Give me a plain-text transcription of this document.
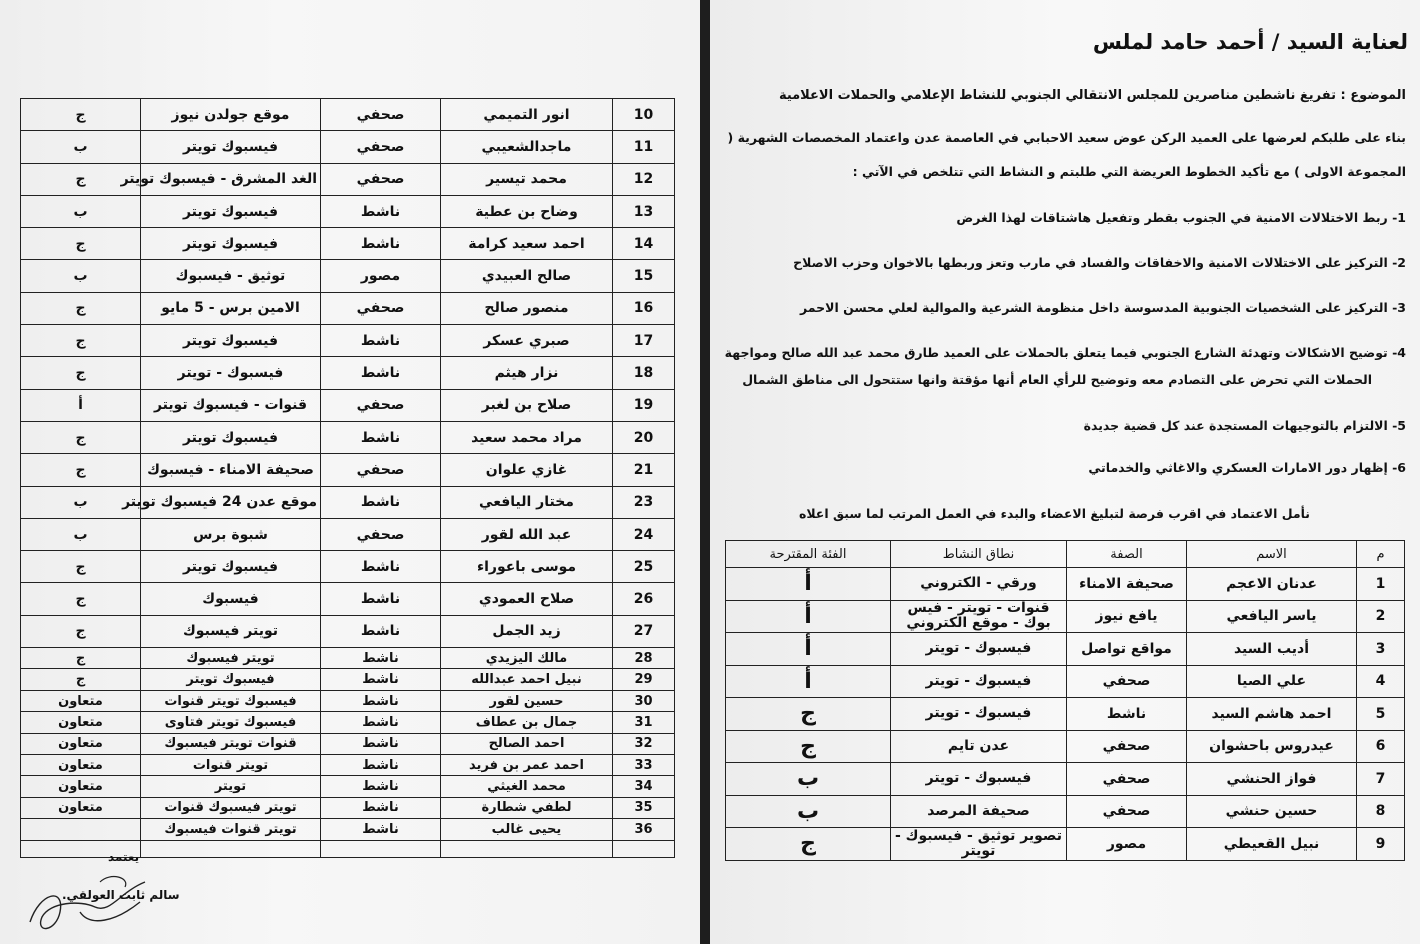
10	انور التميمي	صحفي	موقع جولدن نيوز	ج
11	ماجدالشعيبي	صحفي	فيسبوك تويتر	ب
12	محمد تيسير	صحفي	الغد المشرق - فيسبوك تويتر	ج
13	وضاح بن عطية	ناشط	فيسبوك تويتر	ب
14	احمد سعيد كرامة	ناشط	فيسبوك تويتر	ج
15	صالح العبيدي	مصور	توثيق - فيسبوك	ب
16	منصور صالح	صحفي	الامين برس - 5 مايو	ج
17	صبري عسكر	ناشط	فيسبوك تويتر	ج
18	نزار هيثم	ناشط	فيسبوك - تويتر	ج
19	صلاح بن لغبر	صحفي	قنوات - فيسبوك تويتر	أ
20	مراد محمد سعيد	ناشط	فيسبوك تويتر	ج
21	غازي علوان	صحفي	صحيفة الامناء - فيسبوك	ج
23	مختار اليافعي	ناشط	موقع عدن 24 فيسبوك تويتر	ب
24	عبد الله لقور	صحفي	شبوة برس	ب
25	موسى باعوراء	ناشط	فيسبوك تويتر	ج
26	صلاح العمودي	ناشط	فيسبوك	ج
27	زيد الجمل	ناشط	تويتر فيسبوك	ج
28	مالك اليزيدي	ناشط	تويتر فيسبوك	ج
29	نبيل احمد عبدالله	ناشط	فيسبوك تويتر	ج
30	حسين لقور	ناشط	فيسبوك تويتر قنوات	متعاون
31	جمال بن عطاف	ناشط	فيسبوك تويتر فتاوى	متعاون
32	احمد الصالح	ناشط	قنوات تويتر فيسبوك	متعاون
33	احمد عمر بن فريد	ناشط	تويتر قنوات	متعاون
34	محمد الغيثي	ناشط	تويتر	متعاون
35	لطفي شطارة	ناشط	تويتر فيسبوك قنوات	متعاون
36	يحيى غالب	ناشط	تويتر قنوات فيسبوك	

يعتمد
سالم ثابت العولقي.
لعناية السيد / أحمد حامد لملس
الموضوع : تفريغ ناشطين مناصرين للمجلس الانتقالي الجنوبي للنشاط الإعلامي والحملات الاعلامية
بناء على طلبكم لعرضها على العميد الركن عوض سعيد الاحبابي في العاصمة عدن واعتماد المخصصات الشهرية (
المجموعة الاولى ) مع تأكيد الخطوط العريضة التي طلبتم و النشاط التي تتلخص في الآتي :
1- ربط الاختلالات الامنية في الجنوب بقطر وتفعيل هاشتاقات لهذا الغرض
2- التركيز على الاختلالات الامنية والاخفاقات والفساد في مارب وتعز وربطها بالاخوان وحزب الاصلاح
3- التركيز على الشخصيات الجنوبية المدسوسة داخل منظومة الشرعية والموالية لعلي محسن الاحمر
4- توضيح الاشكالات وتهدئة الشارع الجنوبي فيما يتعلق بالحملات على العميد طارق محمد عبد الله صالح ومواجهة
الحملات التي تحرض على التصادم معه وتوضيح للرأي العام أنها مؤقتة وانها ستتحول الى مناطق الشمال
5- الالتزام بالتوجيهات المستجدة عند كل قضية جديدة
6- إظهار دور الامارات العسكري والاغاثي والخدماتي
نأمل الاعتماد في اقرب فرصة لتبليغ الاعضاء والبدء في العمل المرتب لما سبق اعلاه
م	الاسم	الصفة	نطاق النشاط	الفئة المقترحة
1	عدنان الاعجم	صحيفة الامناء	ورقي - الكتروني	أ
2	ياسر اليافعي	يافع نيوز	قنوات - تويتر - فيس بوك - موقع الكتروني	أ
3	أديب السيد	مواقع تواصل	فيسبوك - تويتر	أ
4	علي الصيا	صحفي	فيسبوك - تويتر	أ
5	احمد هاشم السيد	ناشط	فيسبوك - تويتر	ج
6	عيدروس باحشوان	صحفي	عدن تايم	ج
7	فواز الحنشي	صحفي	فيسبوك - تويتر	ب
8	حسين حنشي	صحفي	صحيفة المرصد	ب
9	نبيل القعيطي	مصور	تصوير توثيق - فيسبوك - تويتر	ج
